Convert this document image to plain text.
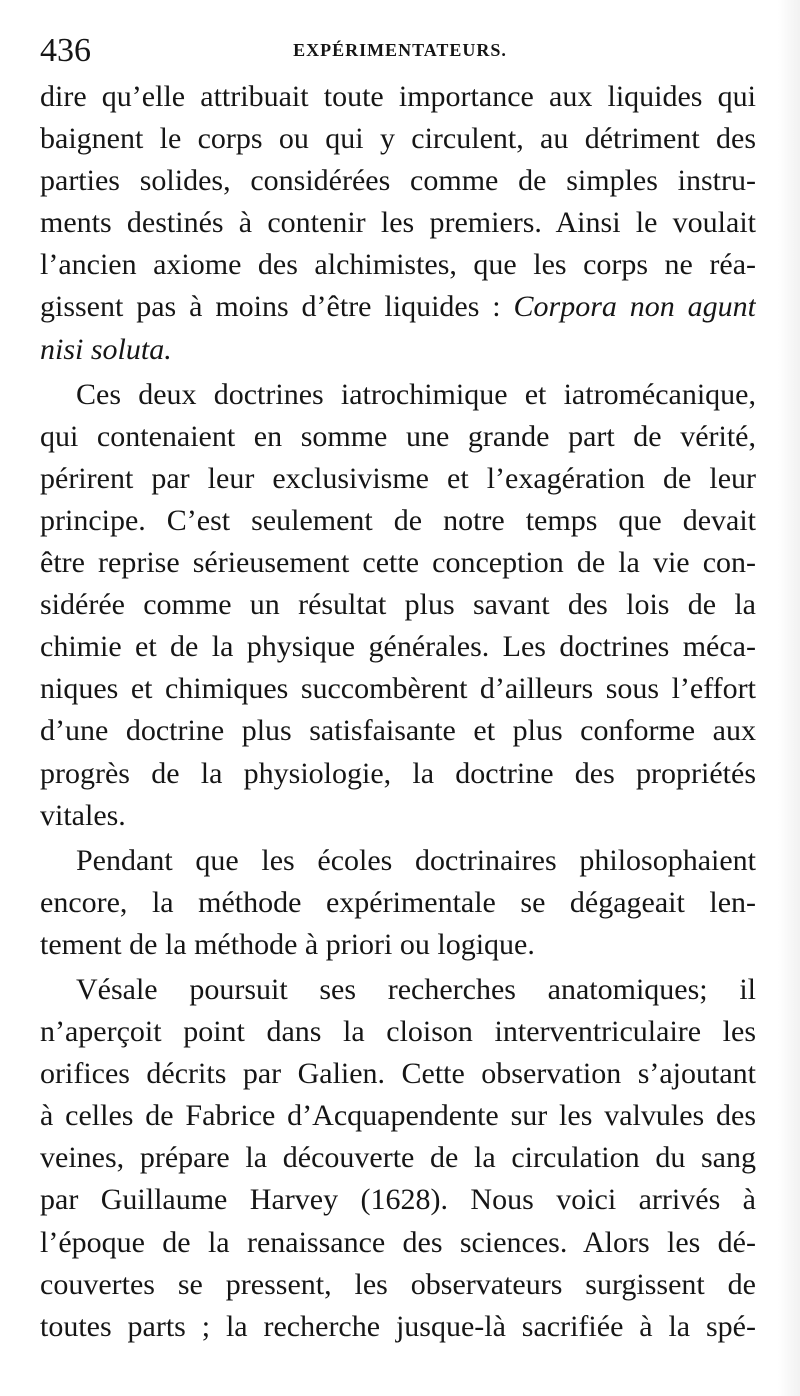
436	EXPÉRIMENTATEURS.
dire qu’elle attribuait toute importance aux liquides qui
baignent le corps ou qui y circulent, au détriment des
parties solides, considérées comme de simples instru-
ments destinés à contenir les premiers. Ainsi le voulait
l’ancien axiome des alchimistes, que les corps ne réa-
gissent pas à moins d’être liquides : Corpora non agunt
nisi soluta.
Ces deux doctrines iatrochimique et iatromécanique,
qui contenaient en somme une grande part de vérité,
périrent par leur exclusivisme et l’exagération de leur
principe. C’est seulement de notre temps que devait
être reprise sérieusement cette conception de la vie con-
sidérée comme un résultat plus savant des lois de la
chimie et de la physique générales. Les doctrines méca-
niques et chimiques succombèrent d’ailleurs sous l’effort
d’une doctrine plus satisfaisante et plus conforme aux
progrès de la physiologie, la doctrine des propriétés
vitales.
Pendant que les écoles doctrinaires philosophaient
encore, la méthode expérimentale se dégageait len-
tement de la méthode à priori ou logique.
Vésale poursuit ses recherches anatomiques; il
n’aperçoit point dans la cloison interventriculaire les
orifices décrits par Galien. Cette observation s’ajoutant
à celles de Fabrice d’Acquapendente sur les valvules des
veines, prépare la découverte de la circulation du sang
par Guillaume Harvey (1628). Nous voici arrivés à
l’époque de la renaissance des sciences. Alors les dé-
couvertes se pressent, les observateurs surgissent de
toutes parts ; la recherche jusque-là sacrifiée à la spé-
